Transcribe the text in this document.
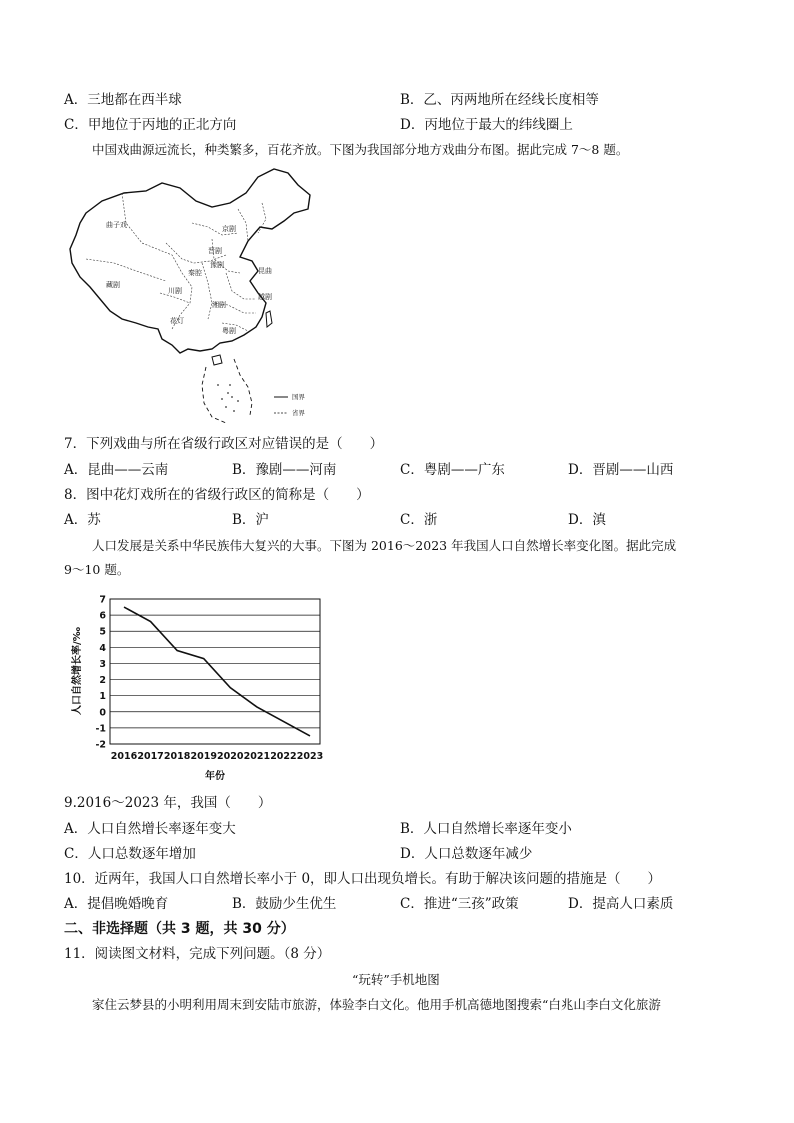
A．三地都在西半球	B．乙、丙两地所在经线长度相等
C．甲地位于丙地的正北方向	D．丙地位于最大的纬线圈上
中国戏曲源远流长，种类繁多，百花齐放。下图为我国部分地方戏曲分布图。据此完成 7～8 题。
曲子戏	京剧
晋剧
豫剧
秦腔	昆曲
藏剧
川剧
湘剧
越剧
花灯
粤剧
国界
省界
7．下列戏曲与所在省级行政区对应错误的是（　　）
A．昆曲——云南	B．豫剧——河南	C．粤剧——广东	D．晋剧——山西
8．图中花灯戏所在的省级行政区的简称是（　　）
A．苏	B．沪	C．浙	D．滇
人口发展是关系中华民族伟大复兴的大事。下图为 2016～2023 年我国人口自然增长率变化图。据此完成
9～10 题。
7
6
5
4
3
2
1
0
-1
-2
2016 2017 2018 2019 2020 2021 2022 2023
年份
人口自然增长率/‰
9.2016～2023 年，我国（　　）
A．人口自然增长率逐年变大	B．人口自然增长率逐年变小
C．人口总数逐年增加	D．人口总数逐年减少
10．近两年，我国人口自然增长率小于 0，即人口出现负增长。有助于解决该问题的措施是（　　）
A．提倡晚婚晚育	B．鼓励少生优生	C．推进“三孩”政策	D．提高人口素质
二、非选择题（共 3 题，共 30 分）
11．阅读图文材料，完成下列问题。（8 分）
“玩转”手机地图
家住云梦县的小明利用周末到安陆市旅游，体验李白文化。他用手机高德地图搜索“白兆山李白文化旅游
